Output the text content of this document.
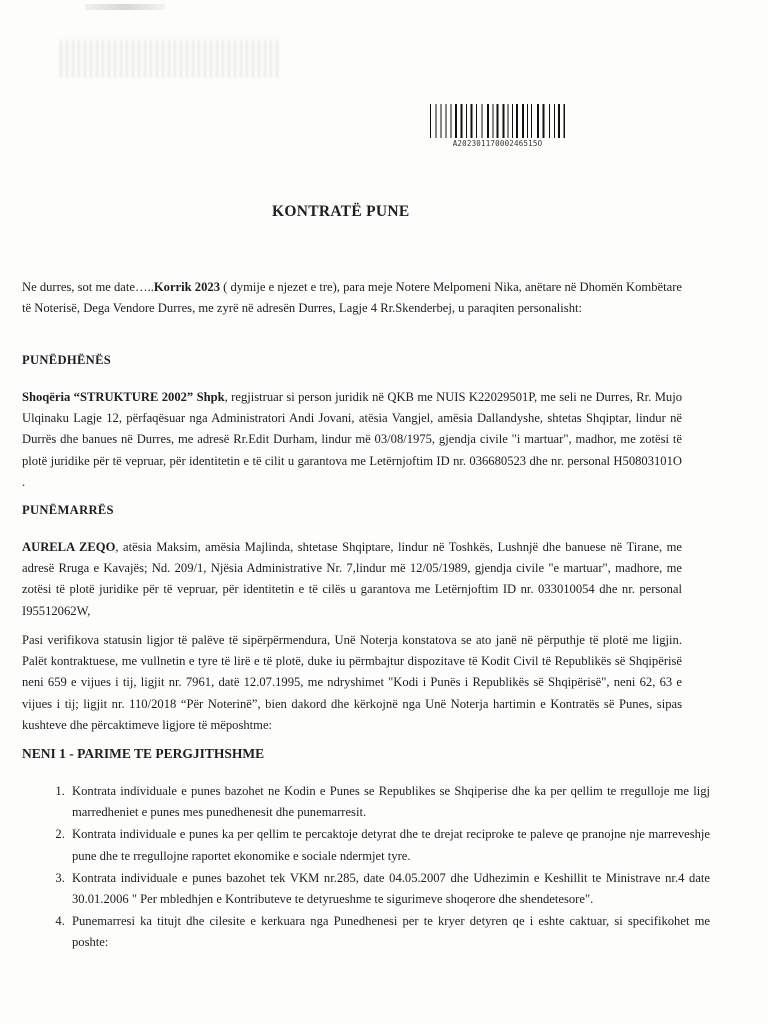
A20230117000246515O
KONTRATË PUNE
Ne durres, sot me date…..Korrik 2023 ( dymije e njezet e tre), para meje Notere Melpomeni Nika, anëtare në Dhomën Kombëtare të Noterisë, Dega Vendore Durres, me zyrë në adresën Durres, Lagje 4 Rr.Skenderbej, u paraqiten personalisht:
PUNËDHËNËS
Shoqëria “STRUKTURE 2002” Shpk, regjistruar si person juridik në QKB me NUIS K22029501P, me seli ne Durres, Rr. Mujo Ulqinaku Lagje 12, përfaqësuar nga Administratori Andi Jovani, atësia Vangjel, amësia Dallandyshe, shtetas Shqiptar, lindur në Durrës dhe banues në Durres, me adresë Rr.Edit Durham, lindur më 03/08/1975, gjendja civile "i martuar", madhor, me zotësi të plotë juridike për të vepruar, për identitetin e të cilit u garantova me Letërnjoftim ID nr. 036680523 dhe nr. personal H50803101O .
PUNËMARRËS
AURELA ZEQO, atësia Maksim, amësia Majlinda, shtetase Shqiptare, lindur në Toshkës, Lushnjë dhe banuese në Tirane, me adresë Rruga e Kavajës; Nd. 209/1, Njësia Administrative Nr. 7,lindur më 12/05/1989, gjendja civile "e martuar", madhore, me zotësi të plotë juridike për të vepruar, për identitetin e të cilës u garantova me Letërnjoftim ID nr. 033010054 dhe nr. personal I95512062W,
Pasi verifikova statusin ligjor të palëve të sipërpërmendura, Unë Noterja konstatova se ato janë në përputhje të plotë me ligjin. Palët kontraktuese, me vullnetin e tyre të lirë e të plotë, duke iu përmbajtur dispozitave të Kodit Civil të Republikës së Shqipërisë neni 659 e vijues i tij, ligjit nr. 7961, datë 12.07.1995, me ndryshimet "Kodi i Punës i Republikës së Shqipërisë", neni 62, 63 e vijues i tij; ligjit nr. 110/2018 “Për Noterinë”, bien dakord dhe kërkojnë nga Unë Noterja hartimin e Kontratës së Punes, sipas kushteve dhe përcaktimeve ligjore të mëposhtme:
NENI 1 - PARIME TE PERGJITHSHME
1. Kontrata individuale e punes bazohet ne Kodin e Punes se Republikes se Shqiperise dhe ka per qellim te rregulloje me ligj marredheniet e punes mes punedhenesit dhe punemarresit.
2. Kontrata individuale e punes ka per qellim te percaktoje detyrat dhe te drejat reciproke te paleve qe pranojne nje marreveshje pune dhe te rregullojne raportet ekonomike e sociale ndermjet tyre.
3. Kontrata individuale e punes bazohet tek VKM nr.285, date 04.05.2007 dhe Udhezimin e Keshillit te Ministrave nr.4 date 30.01.2006 " Per mbledhjen e Kontributeve te detyrueshme te sigurimeve shoqerore dhe shendetesore".
4. Punemarresi ka titujt dhe cilesite e kerkuara nga Punedhenesi per te kryer detyren qe i eshte caktuar, si specifikohet me poshte:
